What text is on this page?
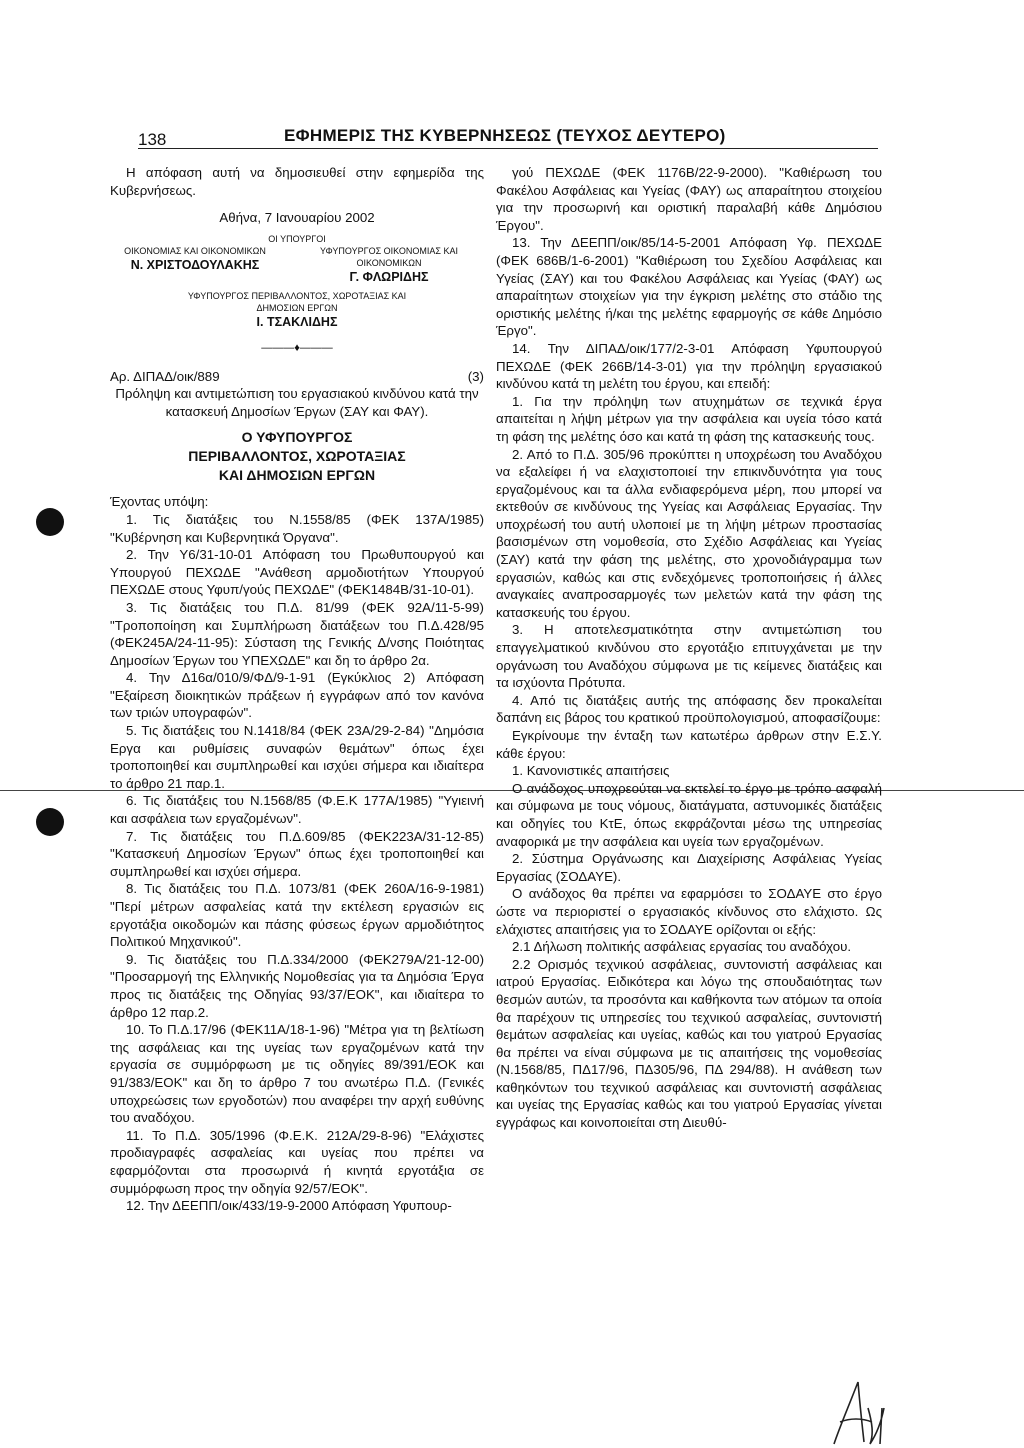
138	ΕΦΗΜΕΡΙΣ ΤΗΣ ΚΥΒΕΡΝΗΣΕΩΣ (ΤΕΥΧΟΣ ΔΕΥΤΕΡΟ)

Η απόφαση αυτή να δημοσιευθεί στην εφημερίδα της Κυβερνήσεως.

Αθήνα, 7 Ιανουαρίου 2002
ΟΙ ΥΠΟΥΡΓΟΙ
ΟΙΚΟΝΟΜΙΑΣ ΚΑΙ ΟΙΚΟΝΟΜΙΚΩΝ
Ν. ΧΡΙΣΤΟΔΟΥΛΑΚΗΣ
ΥΦΥΠΟΥΡΓΟΣ ΟΙΚΟΝΟΜΙΑΣ ΚΑΙ ΟΙΚΟΝΟΜΙΚΩΝ
Γ. ΦΛΩΡΙΔΗΣ
ΥΦΥΠΟΥΡΓΟΣ ΠΕΡΙΒΑΛΛΟΝΤΟΣ, ΧΩΡΟΤΑΞΙΑΣ ΚΑΙ ΔΗΜΟΣΙΩΝ ΕΡΓΩΝ
Ι. ΤΣΑΚΛΙΔΗΣ
———♦———
Αρ. ΔΙΠΑΔ/οικ/889	(3)

Πρόληψη και αντιμετώπιση του εργασιακού κινδύνου κατά την κατασκευή Δημοσίων Έργων (ΣΑΥ και ΦΑΥ).

Ο ΥΦΥΠΟΥΡΓΟΣ
ΠΕΡΙΒΑΛΛΟΝΤΟΣ, ΧΩΡΟΤΑΞΙΑΣ
ΚΑΙ ΔΗΜΟΣΙΩΝ ΕΡΓΩΝ

Έχοντας υπόψη:

1. Τις διατάξεις του Ν.1558/85 (ΦΕΚ 137Α/1985) "Κυβέρνηση και Κυβερνητικά Όργανα".

2. Την Υ6/31-10-01 Απόφαση του Πρωθυπουργού και Υπουργού ΠΕΧΩΔΕ "Ανάθεση αρμοδιοτήτων Υπουργού ΠΕΧΩΔΕ στους Υφυπ/γούς ΠΕΧΩΔΕ" (ΦΕΚ1484Β/31-10-01).

3. Τις διατάξεις του Π.Δ. 81/99 (ΦΕΚ 92Α/11-5-99) "Τροποποίηση και Συμπλήρωση διατάξεων του Π.Δ.428/95 (ΦΕΚ245Α/24-11-95): Σύσταση της Γενικής Δ/νσης Ποιότητας Δημοσίων Έργων του ΥΠΕΧΩΔΕ" και δη το άρθρο 2α.

4. Την Δ16α/010/9/ΦΔ/9-1-91 (Εγκύκλιος 2) Απόφαση "Εξαίρεση διοικητικών πράξεων ή εγγράφων από τον κανόνα των τριών υπογραφών".

5. Τις διατάξεις του Ν.1418/84 (ΦΕΚ 23Α/29-2-84) "Δημόσια Εργα και ρυθμίσεις συναφών θεμάτων" όπως έχει τροποποιηθεί και συμπληρωθεί και ισχύει σήμερα και ιδιαίτερα το άρθρο 21 παρ.1.

6. Τις διατάξεις του Ν.1568/85 (Φ.Ε.Κ 177Α/1985) "Υγιεινή και ασφάλεια των εργαζομένων".

7. Τις διατάξεις του Π.Δ.609/85 (ΦΕΚ223Α/31-12-85) "Κατασκευή Δημοσίων Έργων" όπως έχει τροποποιηθεί και συμπληρωθεί και ισχύει σήμερα.

8. Τις διατάξεις του Π.Δ. 1073/81 (ΦΕΚ 260Α/16-9-1981) "Περί μέτρων ασφαλείας κατά την εκτέλεση εργασιών εις εργοτάξια οικοδομών και πάσης φύσεως έργων αρμοδιότητος Πολιτικού Μηχανικού".

9. Τις διατάξεις του Π.Δ.334/2000 (ΦΕΚ279Α/21-12-00) "Προσαρμογή της Ελληνικής Νομοθεσίας για τα Δημόσια Έργα προς τις διατάξεις της Οδηγίας 93/37/ΕΟΚ", και ιδιαίτερα το άρθρο 12 παρ.2.

10. Το Π.Δ.17/96 (ΦΕΚ11Α/18-1-96) "Μέτρα για τη βελτίωση της ασφάλειας και της υγείας των εργαζομένων κατά την εργασία σε συμμόρφωση με τις οδηγίες 89/391/ΕΟΚ και 91/383/ΕΟΚ" και δη το άρθρο 7 του ανωτέρω Π.Δ. (Γενικές υποχρεώσεις των εργοδοτών) που αναφέρει την αρχή ευθύνης του αναδόχου.

11. Το Π.Δ. 305/1996 (Φ.Ε.Κ. 212Α/29-8-96) "Ελάχιστες προδιαγραφές ασφαλείας και υγείας που πρέπει να εφαρμόζονται στα προσωρινά ή κινητά εργοτάξια σε συμμόρφωση προς την οδηγία 92/57/ΕΟΚ".

12. Την ΔΕΕΠΠ/οικ/433/19-9-2000 Απόφαση Υφυπουρ-

γού ΠΕΧΩΔΕ (ΦΕΚ 1176Β/22-9-2000). "Καθιέρωση του Φακέλου Ασφάλειας και Υγείας (ΦΑΥ) ως απαραίτητου στοιχείου για την προσωρινή και οριστική παραλαβή κάθε Δημόσιου Έργου".

13. Την ΔΕΕΠΠ/οικ/85/14-5-2001 Απόφαση Υφ. ΠΕΧΩΔΕ (ΦΕΚ 686Β/1-6-2001) "Καθιέρωση του Σχεδίου Ασφάλειας και Υγείας (ΣΑΥ) και του Φακέλου Ασφάλειας και Υγείας (ΦΑΥ) ως απαραίτητων στοιχείων για την έγκριση μελέτης στο στάδιο της οριστικής μελέτης ή/και της μελέτης εφαρμογής σε κάθε Δημόσιο Έργο".

14. Την ΔΙΠΑΔ/οικ/177/2-3-01 Απόφαση Υφυπουργού ΠΕΧΩΔΕ (ΦΕΚ 266Β/14-3-01) για την πρόληψη εργασιακού κινδύνου κατά τη μελέτη του έργου, και επειδή:

1. Για την πρόληψη των ατυχημάτων σε τεχνικά έργα απαιτείται η λήψη μέτρων για την ασφάλεια και υγεία τόσο κατά τη φάση της μελέτης όσο και κατά τη φάση της κατασκευής τους.

2. Από το Π.Δ. 305/96 προκύπτει η υποχρέωση του Αναδόχου να εξαλείφει ή να ελαχιστοποιεί την επικινδυνότητα για τους εργαζομένους και τα άλλα ενδιαφερόμενα μέρη, που μπορεί να εκτεθούν σε κινδύνους της Υγείας και Ασφάλειας Εργασίας. Την υποχρέωσή του αυτή υλοποιεί με τη λήψη μέτρων προστασίας βασισμένων στη νομοθεσία, στο Σχέδιο Ασφάλειας και Υγείας (ΣΑΥ) κατά την φάση της μελέτης, στο χρονοδιάγραμμα των εργασιών, καθώς και στις ενδεχόμενες τροποποιήσεις ή άλλες αναγκαίες αναπροσαρμογές των μελετών κατά την φάση της κατασκευής του έργου.

3. Η αποτελεσματικότητα στην αντιμετώπιση του επαγγελματικού κινδύνου στο εργοτάξιο επιτυγχάνεται με την οργάνωση του Αναδόχου σύμφωνα με τις κείμενες διατάξεις και τα ισχύοντα Πρότυπα.

4. Από τις διατάξεις αυτής της απόφασης δεν προκαλείται δαπάνη εις βάρος του κρατικού προϋπολογισμού, αποφασίζουμε:

Εγκρίνουμε την ένταξη των κατωτέρω άρθρων στην Ε.Σ.Υ. κάθε έργου:

1. Κανονιστικές απαιτήσεις

Ο ανάδοχος υποχρεούται να εκτελεί το έργο με τρόπο ασφαλή και σύμφωνα με τους νόμους, διατάγματα, αστυνομικές διατάξεις και οδηγίες του ΚτΕ, όπως εκφράζονται μέσω της υπηρεσίας αναφορικά με την ασφάλεια και υγεία των εργαζομένων.

2. Σύστημα Οργάνωσης και Διαχείρισης Ασφάλειας Υγείας Εργασίας (ΣΟΔΑΥΕ).

Ο ανάδοχος θα πρέπει να εφαρμόσει το ΣΟΔΑΥΕ στο έργο ώστε να περιοριστεί ο εργασιακός κίνδυνος στο ελάχιστο. Ως ελάχιστες απαιτήσεις για το ΣΟΔΑΥΕ ορίζονται οι εξής:

2.1 Δήλωση πολιτικής ασφάλειας εργασίας του αναδόχου.

2.2 Ορισμός τεχνικού ασφάλειας, συντονιστή ασφάλειας και ιατρού Εργασίας. Ειδικότερα και λόγω της σπουδαιότητας των θεσμών αυτών, τα προσόντα και καθήκοντα των ατόμων τα οποία θα παρέχουν τις υπηρεσίες του τεχνικού ασφαλείας, συντονιστή θεμάτων ασφαλείας και υγείας, καθώς και του γιατρού Εργασίας θα πρέπει να είναι σύμφωνα με τις απαιτήσεις της νομοθεσίας (Ν.1568/85, ΠΔ17/96, ΠΔ305/96, ΠΔ 294/88). Η ανάθεση των καθηκόντων του τεχνικού ασφάλειας και συντονιστή ασφάλειας και υγείας της Εργασίας καθώς και του γιατρού Εργασίας γίνεται εγγράφως και κοινοποιείται στη Διευθύ-
